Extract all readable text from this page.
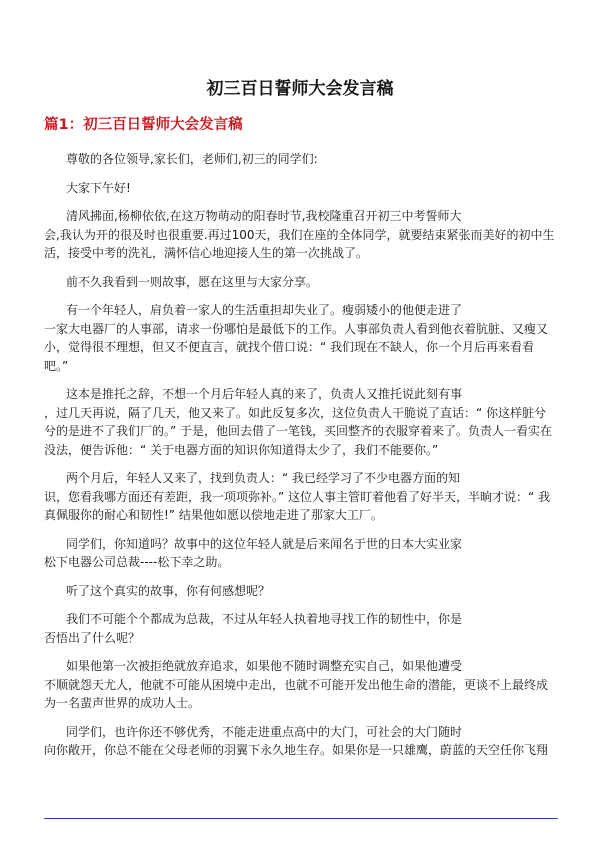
初三百日誓师大会发言稿
篇1：初三百日誓师大会发言稿

尊敬的各位领导,家长们，老师们,初三的同学们:

大家下午好!

清风拂面,杨柳依依,在这万物萌动的阳春时节,我校隆重召开初三中考誓师大
会,我认为开的很及时也很重要.再过100天，我们在座的全体同学，就要结束紧张而美好的初中生活，接受中考的洗礼，满怀信心地迎接人生的第一次挑战了。

前不久我看到一则故事，愿在这里与大家分享。

有一个年轻人，肩负着一家人的生活重担却失业了。瘦弱矮小的他便走进了
一家大电器厂的人事部，请求一份哪怕是最低下的工作。人事部负责人看到他衣着肮脏、又瘦又小，觉得很不理想，但又不便直言，就找个借口说：“ 我们现在不缺人，你一个月后再来看看吧。”

这本是推托之辞，不想一个月后年轻人真的来了，负责人又推托说此刻有事
，过几天再说，隔了几天，他又来了。如此反复多次，这位负责人干脆说了直话：“ 你这样脏兮兮的是进不了我们厂的。” 于是，他回去借了一笔钱，买回整齐的衣服穿着来了。负责人一看实在没法，便告诉他：“ 关于电器方面的知识你知道得太少了，我们不能要你。”

两个月后，年轻人又来了，找到负责人：“ 我已经学习了不少电器方面的知
识，您看我哪方面还有差距，我一项项弥补。” 这位人事主管盯着他看了好半天，半晌才说：“ 我真佩服你的耐心和韧性!” 结果他如愿以偿地走进了那家大工厂。

同学们，你知道吗？故事中的这位年轻人就是后来闻名于世的日本大实业家
松下电器公司总裁----松下幸之助。

听了这个真实的故事，你有何感想呢？

我们不可能个个都成为总裁，不过从年轻人执着地寻找工作的韧性中，你是
否悟出了什么呢？

如果他第一次被拒绝就放弃追求，如果他不随时调整充实自己，如果他遭受
不顺就怨天尤人，他就不可能从困境中走出，也就不可能开发出他生命的潜能，更谈不上最终成为一名蜚声世界的成功人士。

同学们，也许你还不够优秀，不能走进重点高中的大门，可社会的大门随时
向你敞开，你总不能在父母老师的羽翼下永久地生存。如果你是一只雄鹰，蔚蓝的天空任你飞翔
